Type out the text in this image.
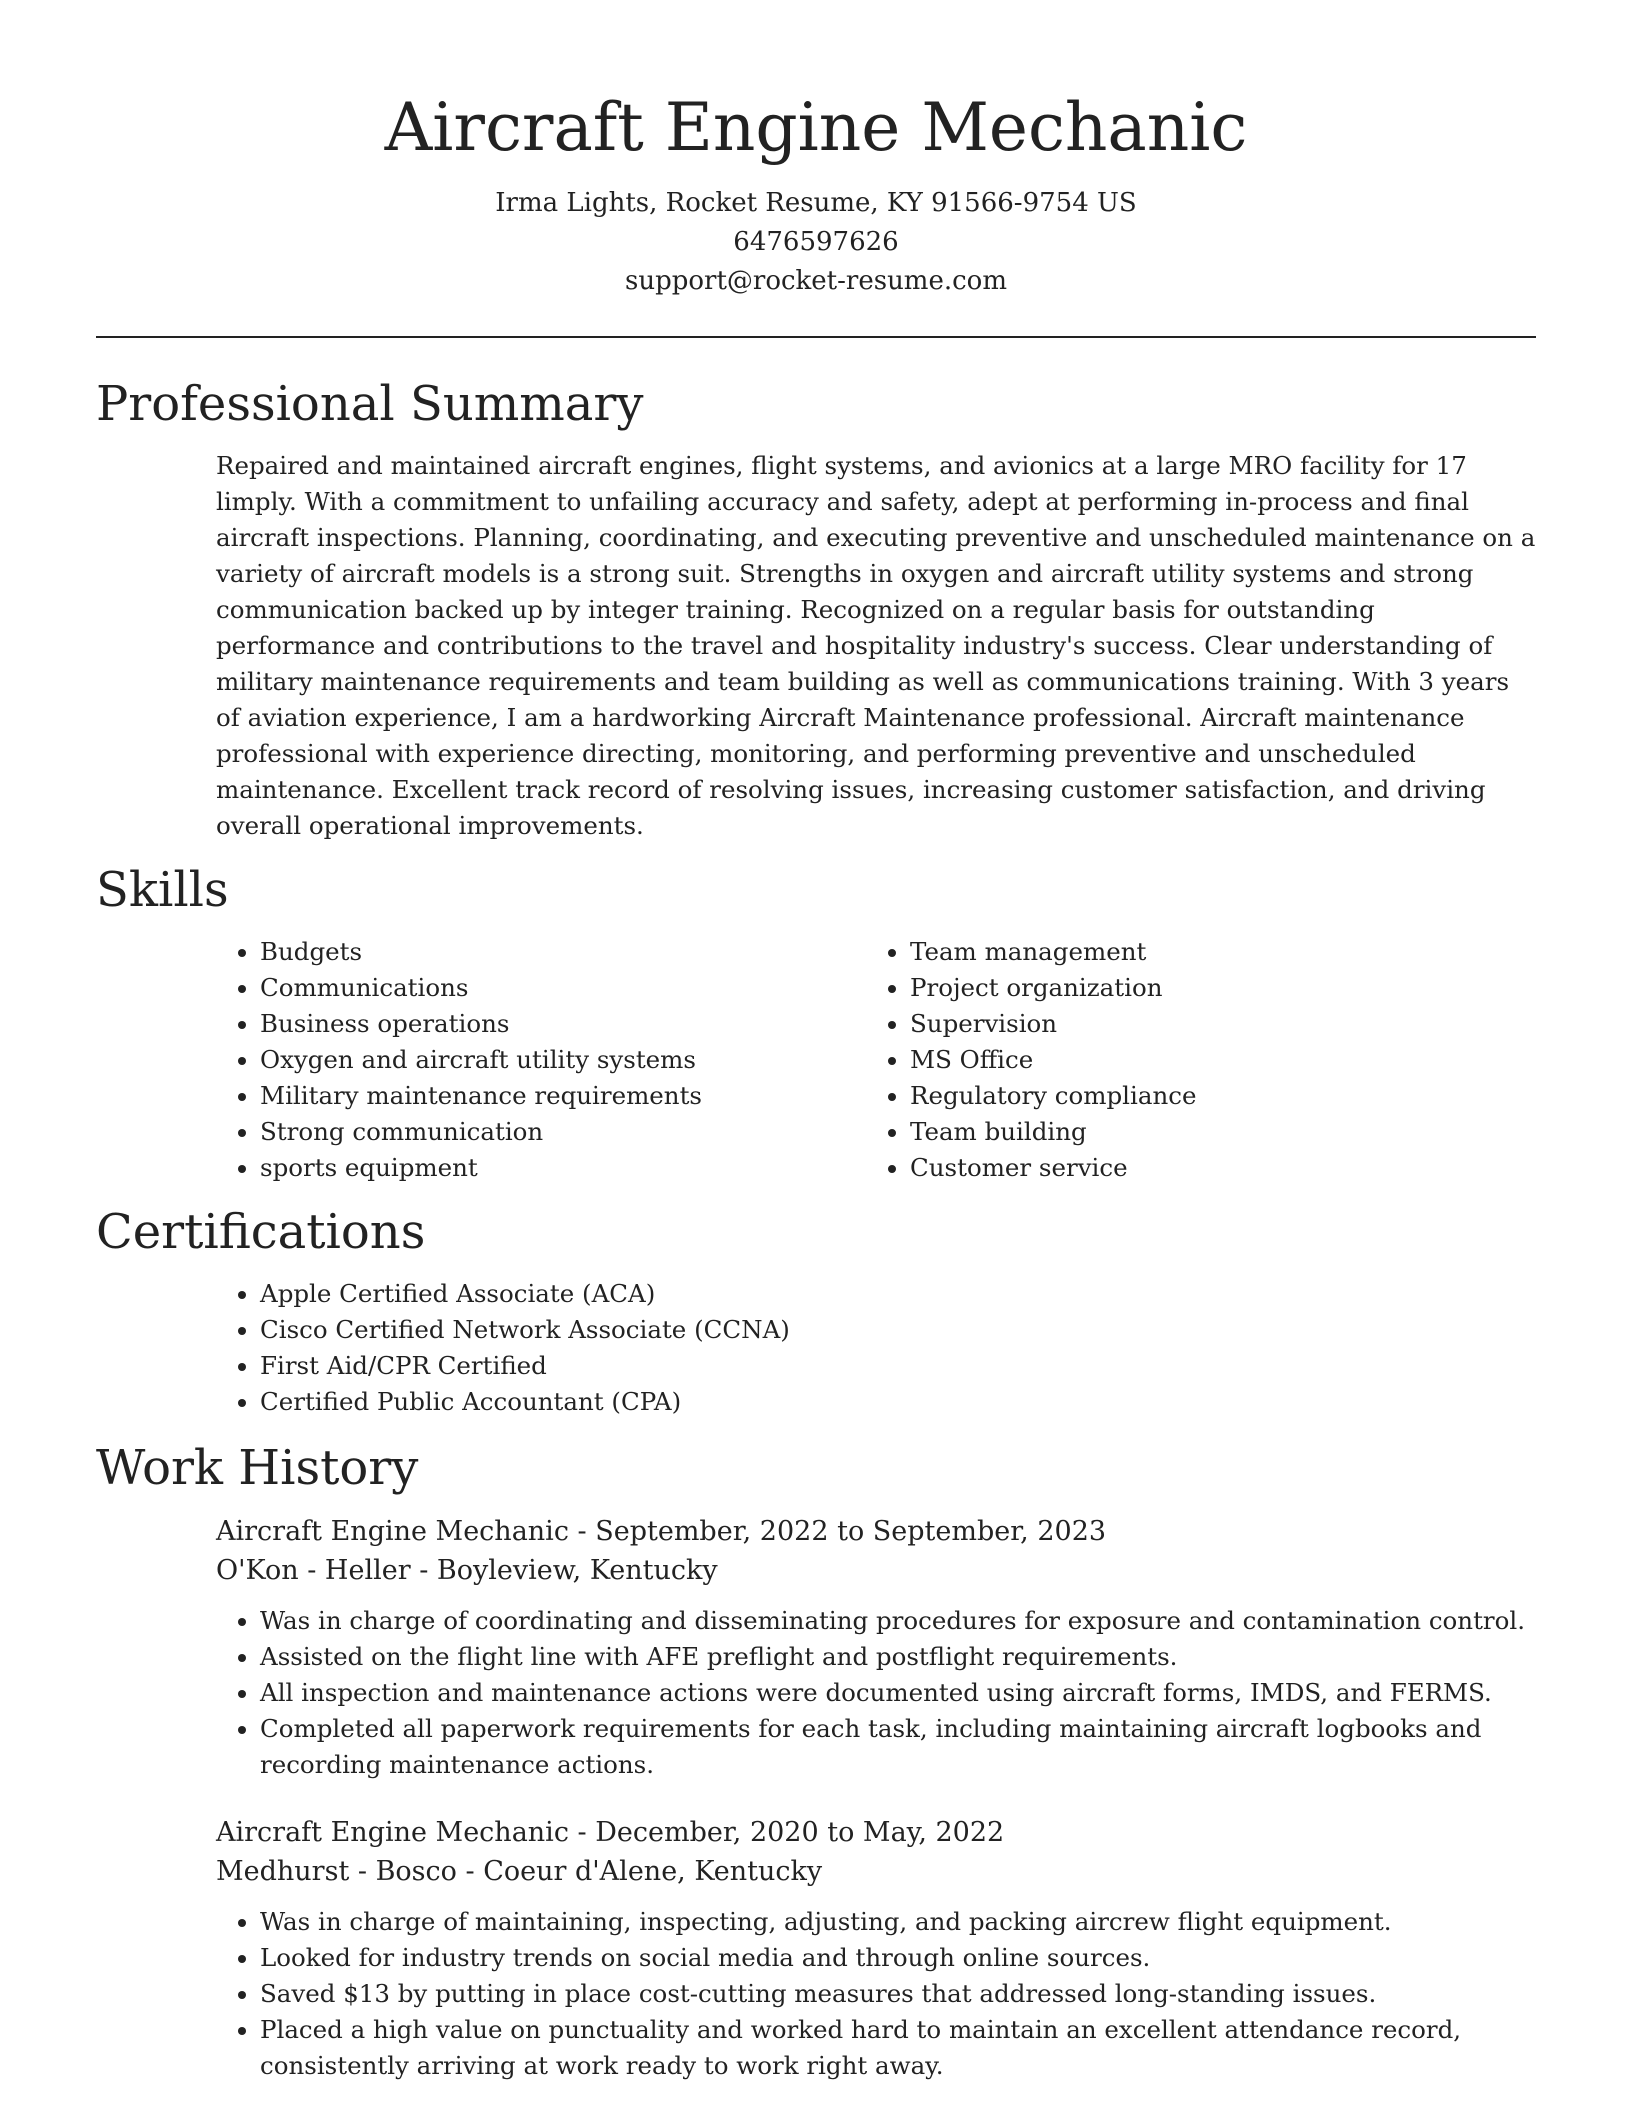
Aircraft Engine Mechanic

Irma Lights, Rocket Resume, KY 91566-9754 US

6476597626

support@rocket-resume.com

Professional Summary

Repaired and maintained aircraft engines, flight systems, and avionics at a large MRO facility for 17 limply. With a commitment to unfailing accuracy and safety, adept at performing in-process and final aircraft inspections. Planning, coordinating, and executing preventive and unscheduled maintenance on a variety of aircraft models is a strong suit. Strengths in oxygen and aircraft utility systems and strong communication backed up by integer training. Recognized on a regular basis for outstanding performance and contributions to the travel and hospitality industry's success. Clear understanding of military maintenance requirements and team building as well as communications training. With 3 years of aviation experience, I am a hardworking Aircraft Maintenance professional. Aircraft maintenance professional with experience directing, monitoring, and performing preventive and unscheduled maintenance. Excellent track record of resolving issues, increasing customer satisfaction, and driving overall operational improvements.

Skills
• Budgets
• Communications
• Business operations
• Oxygen and aircraft utility systems
• Military maintenance requirements
• Strong communication
• sports equipment
• Team management
• Project organization
• Supervision
• MS Office
• Regulatory compliance
• Team building
• Customer service
Certifications
• Apple Certified Associate (ACA)
• Cisco Certified Network Associate (CCNA)
• First Aid/CPR Certified
• Certified Public Accountant (CPA)
Work History

Aircraft Engine Mechanic - September, 2022 to September, 2023

O'Kon - Heller - Boyleview, Kentucky

• Was in charge of coordinating and disseminating procedures for exposure and contamination control.
• Assisted on the flight line with AFE preflight and postflight requirements.
• All inspection and maintenance actions were documented using aircraft forms, IMDS, and FERMS.
• Completed all paperwork requirements for each task, including maintaining aircraft logbooks and recording maintenance actions.

Aircraft Engine Mechanic - December, 2020 to May, 2022

Medhurst - Bosco - Coeur d'Alene, Kentucky

• Was in charge of maintaining, inspecting, adjusting, and packing aircrew flight equipment.
• Looked for industry trends on social media and through online sources.
• Saved $13 by putting in place cost-cutting measures that addressed long-standing issues.
• Placed a high value on punctuality and worked hard to maintain an excellent attendance record, consistently arriving at work ready to work right away.
